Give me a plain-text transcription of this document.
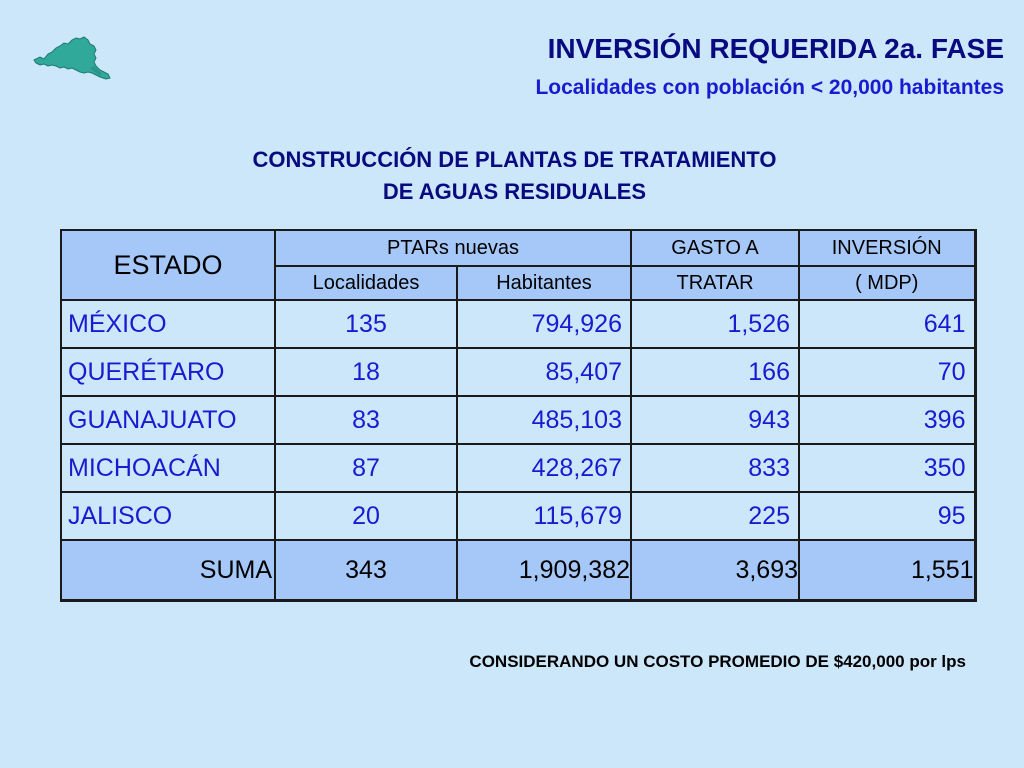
INVERSIÓN REQUERIDA 2a. FASE
Localidades con población < 20,000 habitantes
CONSTRUCCIÓN DE PLANTAS DE TRATAMIENTO
DE AGUAS RESIDUALES
ESTADO	PTARs nuevas		GASTO A	INVERSIÓN
	Localidades	Habitantes	TRATAR	( MDP)
MÉXICO	135	794,926	1,526	641
QUERÉTARO	18	85,407	166	70
GUANAJUATO	83	485,103	943	396
MICHOACÁN	87	428,267	833	350
JALISCO	20	115,679	225	95
SUMA	343	1,909,382	3,693	1,551
CONSIDERANDO UN COSTO PROMEDIO DE $420,000 por lps
